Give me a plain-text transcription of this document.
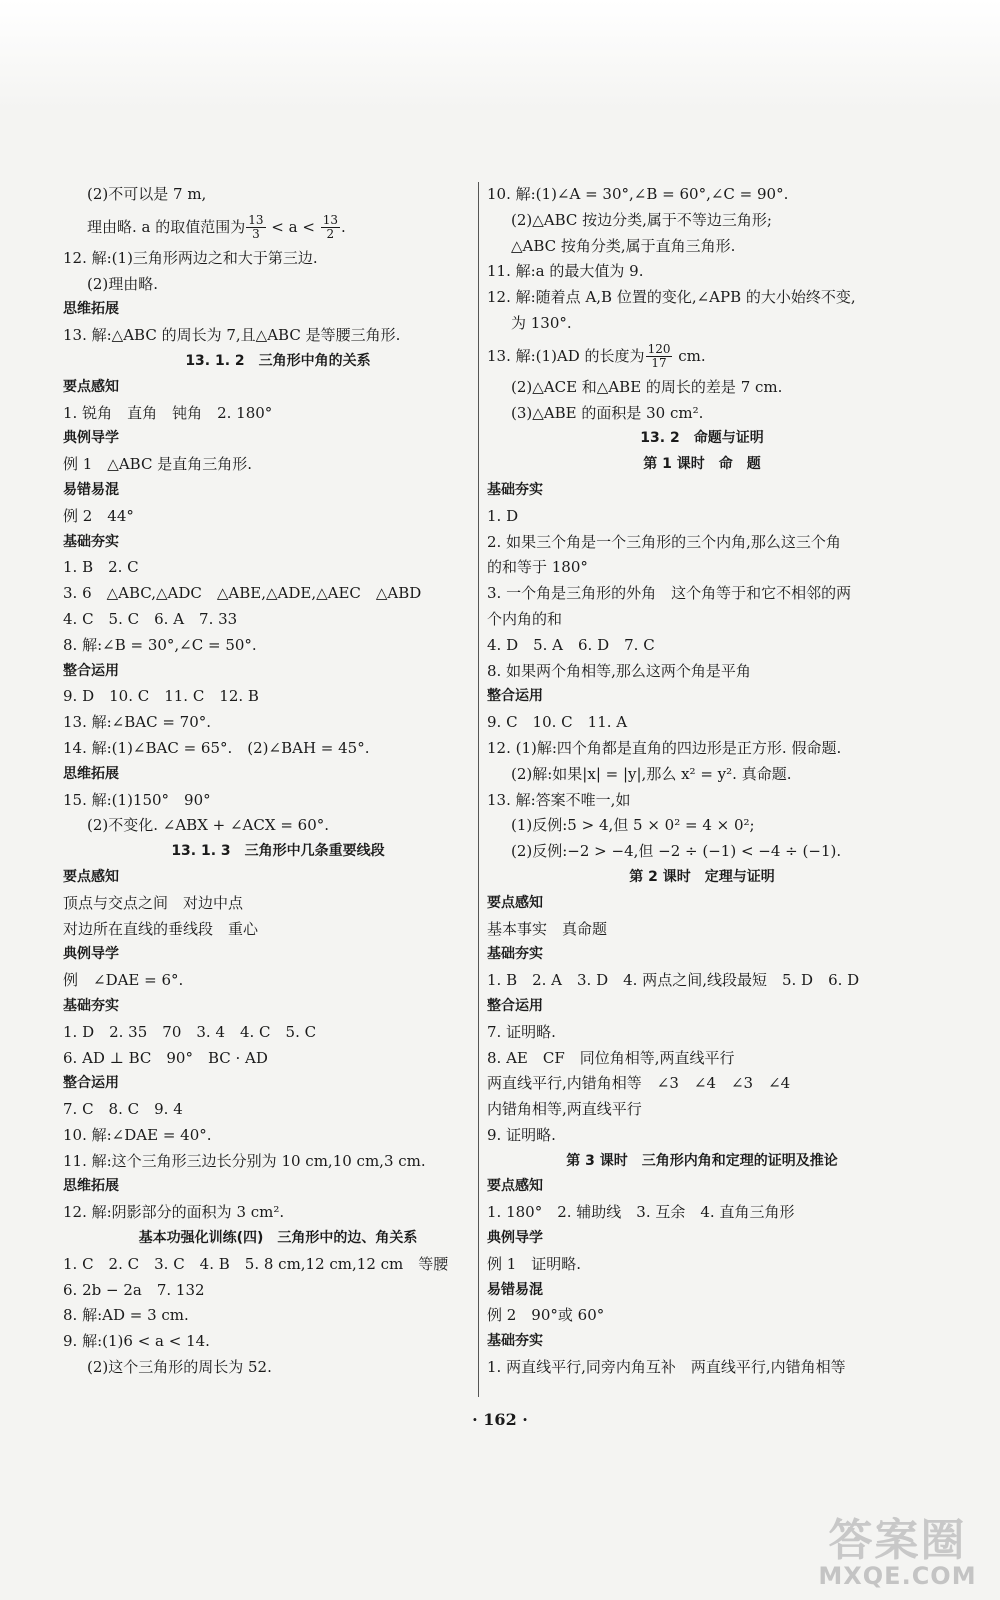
(2)不可以是 7 m,
理由略. a 的取值范围为 $\frac{13}{3} < a < \frac{13}{2}$ .
12. 解:(1)三角形两边之和大于第三边.
(2)理由略.
思维拓展
13. 解:△ABC 的周长为 7,且△ABC 是等腰三角形.
13. 1. 2　三角形中角的关系
要点感知
1. 锐角　直角　钝角　2. 180°
典例导学
例 1　△ABC 是直角三角形.
易错易混
例 2　44°
基础夯实
1. B　2. C
3. 6　△ABC,△ADC　△ABE,△ADE,△AEC　△ABD
4. C　5. C　6. A　7. 33
8. 解:∠B = 30°,∠C = 50°.
整合运用
9. D　10. C　11. C　12. B
13. 解:∠BAC = 70°.
14. 解:(1)∠BAC = 65°.　(2)∠BAH = 45°.
思维拓展
15. 解:(1)150°　90°
(2)不变化. ∠ABX + ∠ACX = 60°.
13. 1. 3　三角形中几条重要线段
要点感知
顶点与交点之间　对边中点
对边所在直线的垂线段　重心
典例导学
例　∠DAE = 6°.
基础夯实
1. D　2. 35　70　3. 4　4. C　5. C
6. AD ⊥ BC　90°　BC · AD
整合运用
7. C　8. C　9. 4
10. 解:∠DAE = 40°.
11. 解:这个三角形三边长分别为 10 cm,10 cm,3 cm.
思维拓展
12. 解:阴影部分的面积为 3 cm².
基本功强化训练(四)　三角形中的边、角关系
1. C　2. C　3. C　4. B　5. 8 cm,12 cm,12 cm　等腰
6. 2b − 2a　7. 132
8. 解:AD = 3 cm.
9. 解:(1)6 < a < 14.
(2)这个三角形的周长为 52.
10. 解:(1)∠A = 30°,∠B = 60°,∠C = 90°.
(2)△ABC 按边分类,属于不等边三角形;
△ABC 按角分类,属于直角三角形.
11. 解:a 的最大值为 9.
12. 解:随着点 A,B 位置的变化,∠APB 的大小始终不变,
为 130°.
13. 解:(1)AD 的长度为 $\frac{120}{17}$ cm.
(2)△ACE 和△ABE 的周长的差是 7 cm.
(3)△ABE 的面积是 30 cm².
13. 2　命题与证明
第 1 课时　命　题
基础夯实
1. D
2. 如果三个角是一个三角形的三个内角,那么这三个角
的和等于 180°
3. 一个角是三角形的外角　这个角等于和它不相邻的两
个内角的和
4. D　5. A　6. D　7. C
8. 如果两个角相等,那么这两个角是平角
整合运用
9. C　10. C　11. A
12. (1)解:四个角都是直角的四边形是正方形. 假命题.
(2)解:如果|x| = |y|,那么 x² = y². 真命题.
13. 解:答案不唯一,如
(1)反例:5 > 4,但 5 × 0² = 4 × 0²;
(2)反例:−2 > −4,但 −2 ÷ (−1) < −4 ÷ (−1).
第 2 课时　定理与证明
要点感知
基本事实　真命题
基础夯实
1. B　2. A　3. D　4. 两点之间,线段最短　5. D　6. D
整合运用
7. 证明略.
8. AE　CF　同位角相等,两直线平行
两直线平行,内错角相等　∠3　∠4　∠3　∠4
内错角相等,两直线平行
9. 证明略.
第 3 课时　三角形内角和定理的证明及推论
要点感知
1. 180°　2. 辅助线　3. 互余　4. 直角三角形
典例导学
例 1　证明略.
易错易混
例 2　90°或 60°
基础夯实
1. 两直线平行,同旁内角互补　两直线平行,内错角相等
· 162 ·
答案圈
MXQE.COM
